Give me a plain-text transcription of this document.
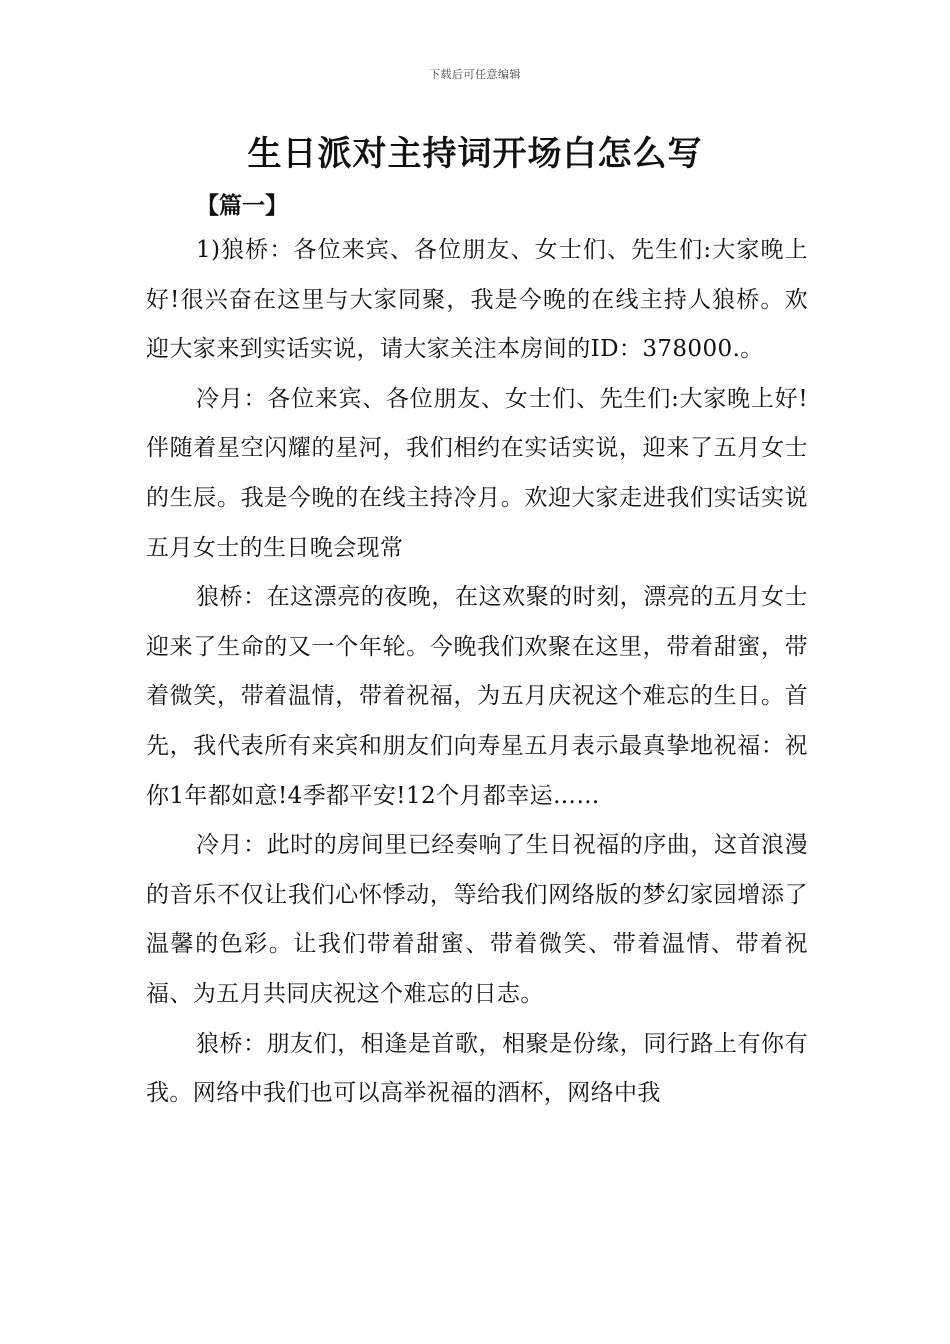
下载后可任意编辑
生日派对主持词开场白怎么写
【篇一】

1)狼桥：各位来宾、各位朋友、女士们、先生们:大家晚上好!很兴奋在这里与大家同聚，我是今晚的在线主持人狼桥。欢迎大家来到实话实说，请大家关注本房间的ID：378000.。

冷月：各位来宾、各位朋友、女士们、先生们:大家晚上好!伴随着星空闪耀的星河，我们相约在实话实说，迎来了五月女士的生辰。我是今晚的在线主持冷月。欢迎大家走进我们实话实说五月女士的生日晚会现常

狼桥：在这漂亮的夜晚，在这欢聚的时刻，漂亮的五月女士迎来了生命的又一个年轮。今晚我们欢聚在这里，带着甜蜜，带着微笑，带着温情，带着祝福，为五月庆祝这个难忘的生日。首先，我代表所有来宾和朋友们向寿星五月表示最真挚地祝福：祝你1年都如意!4季都平安!12个月都幸运……

冷月：此时的房间里已经奏响了生日祝福的序曲，这首浪漫的音乐不仅让我们心怀悸动，等给我们网络版的梦幻家园增添了温馨的色彩。让我们带着甜蜜、带着微笑、带着温情、带着祝福、为五月共同庆祝这个难忘的日志。

狼桥：朋友们，相逢是首歌，相聚是份缘，同行路上有你有我。网络中我们也可以高举祝福的酒杯，网络中我
